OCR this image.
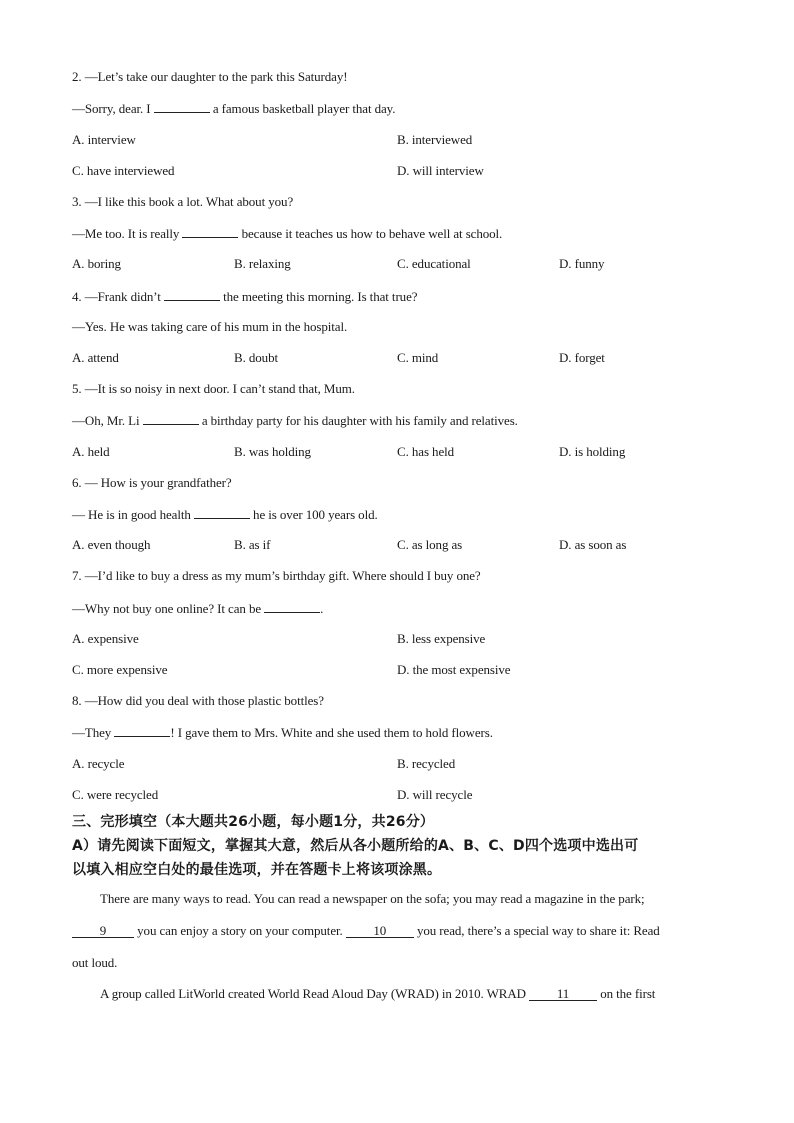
2. —Let’s take our daughter to the park this Saturday!
—Sorry, dear. I	a famous basketball player that day.
A. interview	B. interviewed
C. have interviewed	D. will interview
3. —I like this book a lot. What about you?
—Me too. It is really	because it teaches us how to behave well at school.
A. boring	B. relaxing	C. educational	D. funny
4. —Frank didn’t	the meeting this morning. Is that true?
—Yes. He was taking care of his mum in the hospital.
A. attend	B. doubt	C. mind	D. forget
5. —It is so noisy in next door. I can’t stand that, Mum.
—Oh, Mr. Li	a birthday party for his daughter with his family and relatives.
A. held	B. was holding	C. has held	D. is holding
6. — How is your grandfather?
— He is in good health	he is over 100 years old.
A. even though	B. as if	C. as long as	D. as soon as
7. —I’d like to buy a dress as my mum’s birthday gift. Where should I buy one?
—Why not buy one online? It can be	.
A. expensive	B. less expensive
C. more expensive	D. the most expensive
8. —How did you deal with those plastic bottles?
—They	! I gave them to Mrs. White and she used them to hold flowers.
A. recycle	B. recycled
C. were recycled	D. will recycle
三、完形填空（本大题共26小题，每小题1分，共26分）
A）请先阅读下面短文，掌握其大意，然后从各小题所给的A、B、C、D四个选项中选出可
以填入相应空白处的最佳选项，并在答题卡上将该项涂黑。
There are many ways to read. You can read a newspaper on the sofa; you may read a magazine in the park;
9 you can enjoy a story on your computer. 10 you read, there’s a special way to share it: Read
out loud.
A group called LitWorld created World Read Aloud Day (WRAD) in 2010. WRAD 11 on the first
